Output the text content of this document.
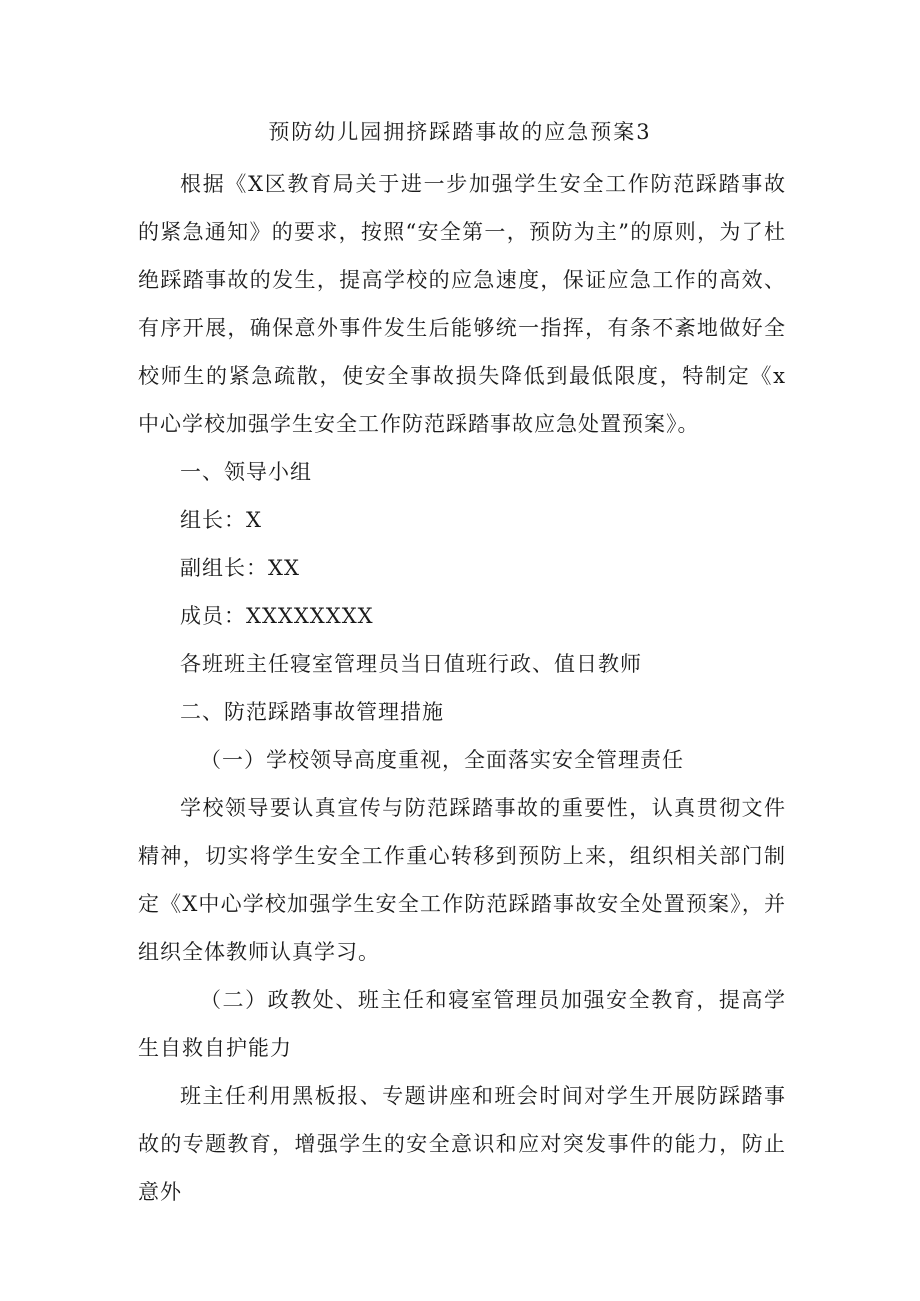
预防幼儿园拥挤踩踏事故的应急预案3

根据《X区教育局关于进一步加强学生安全工作防范踩踏事故的紧急通知》的要求，按照“安全第一，预防为主”的原则，为了杜绝踩踏事故的发生，提高学校的应急速度，保证应急工作的高效、有序开展，确保意外事件发生后能够统一指挥，有条不紊地做好全校师生的紧急疏散，使安全事故损失降低到最低限度，特制定《x中心学校加强学生安全工作防范踩踏事故应急处置预案》。

一、领导小组

组长：X

副组长：XX

成员：XXXXXXXX

各班班主任寝室管理员当日值班行政、值日教师

二、防范踩踏事故管理措施

（一）学校领导高度重视，全面落实安全管理责任

学校领导要认真宣传与防范踩踏事故的重要性，认真贯彻文件精神，切实将学生安全工作重心转移到预防上来，组织相关部门制定《X中心学校加强学生安全工作防范踩踏事故安全处置预案》，并组织全体教师认真学习。

（二）政教处、班主任和寝室管理员加强安全教育，提高学生自救自护能力

班主任利用黑板报、专题讲座和班会时间对学生开展防踩踏事故的专题教育，增强学生的安全意识和应对突发事件的能力，防止意外
